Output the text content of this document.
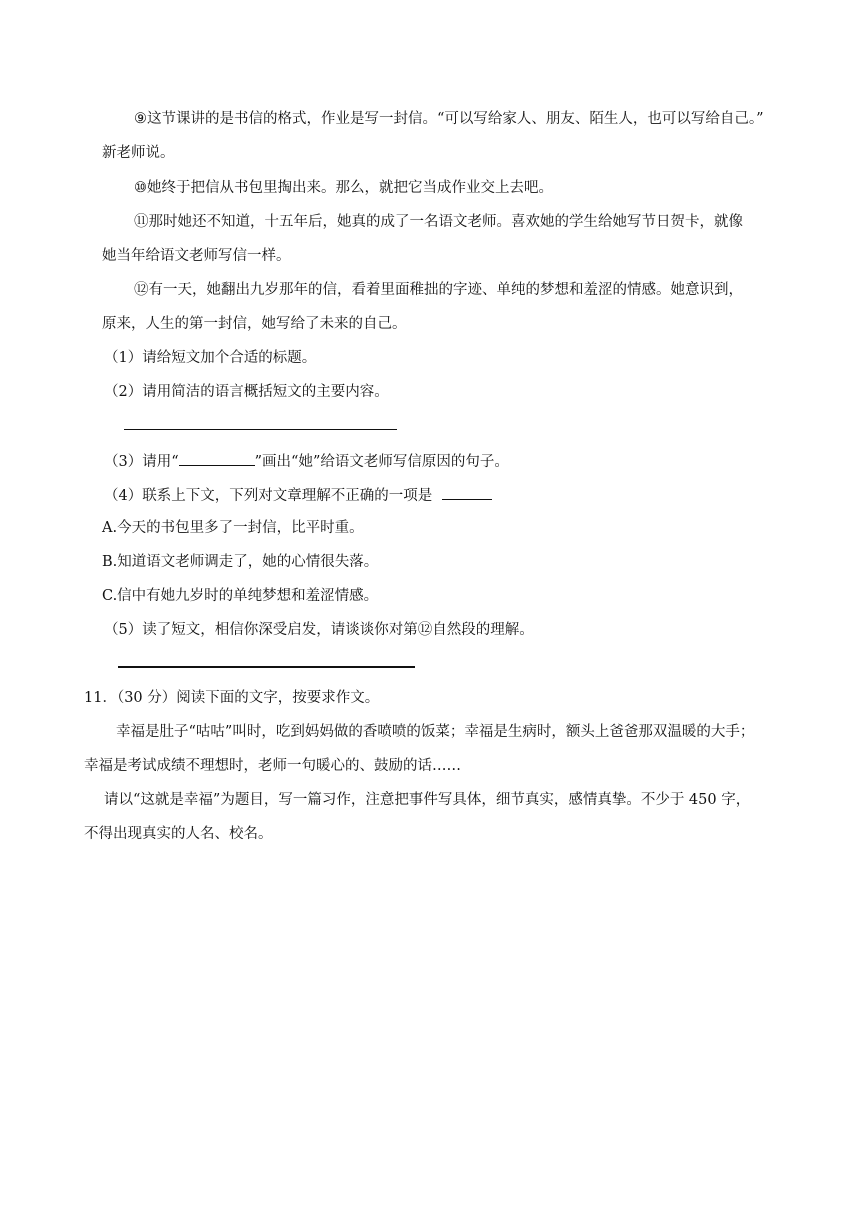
⑨这节课讲的是书信的格式，作业是写一封信。“可以写给家人、朋友、陌生人，也可以写给自己。”
新老师说。
⑩她终于把信从书包里掏出来。那么，就把它当成作业交上去吧。
⑪那时她还不知道，十五年后，她真的成了一名语文老师。喜欢她的学生给她写节日贺卡，就像
她当年给语文老师写信一样。
⑫有一天，她翻出九岁那年的信，看着里面稚拙的字迹、单纯的梦想和羞涩的情感。她意识到，
原来，人生的第一封信，她写给了未来的自己。
（1）请给短文加个合适的标题。
（2）请用简洁的语言概括短文的主要内容。
（3）请用“	”画出“她”给语文老师写信原因的句子。
（4）联系上下文，下列对文章理解不正确的一项是
A.今天的书包里多了一封信，比平时重。
B.知道语文老师调走了，她的心情很失落。
C.信中有她九岁时的单纯梦想和羞涩情感。
（5）读了短文，相信你深受启发，请谈谈你对第⑫自然段的理解。
11．（30 分）阅读下面的文字，按要求作文。
幸福是肚子“咕咕”叫时，吃到妈妈做的香喷喷的饭菜；幸福是生病时，额头上爸爸那双温暖的大手；
幸福是考试成绩不理想时，老师一句暖心的、鼓励的话……
请以“这就是幸福”为题目，写一篇习作，注意把事件写具体，细节真实，感情真挚。不少于 450 字，
不得出现真实的人名、校名。
